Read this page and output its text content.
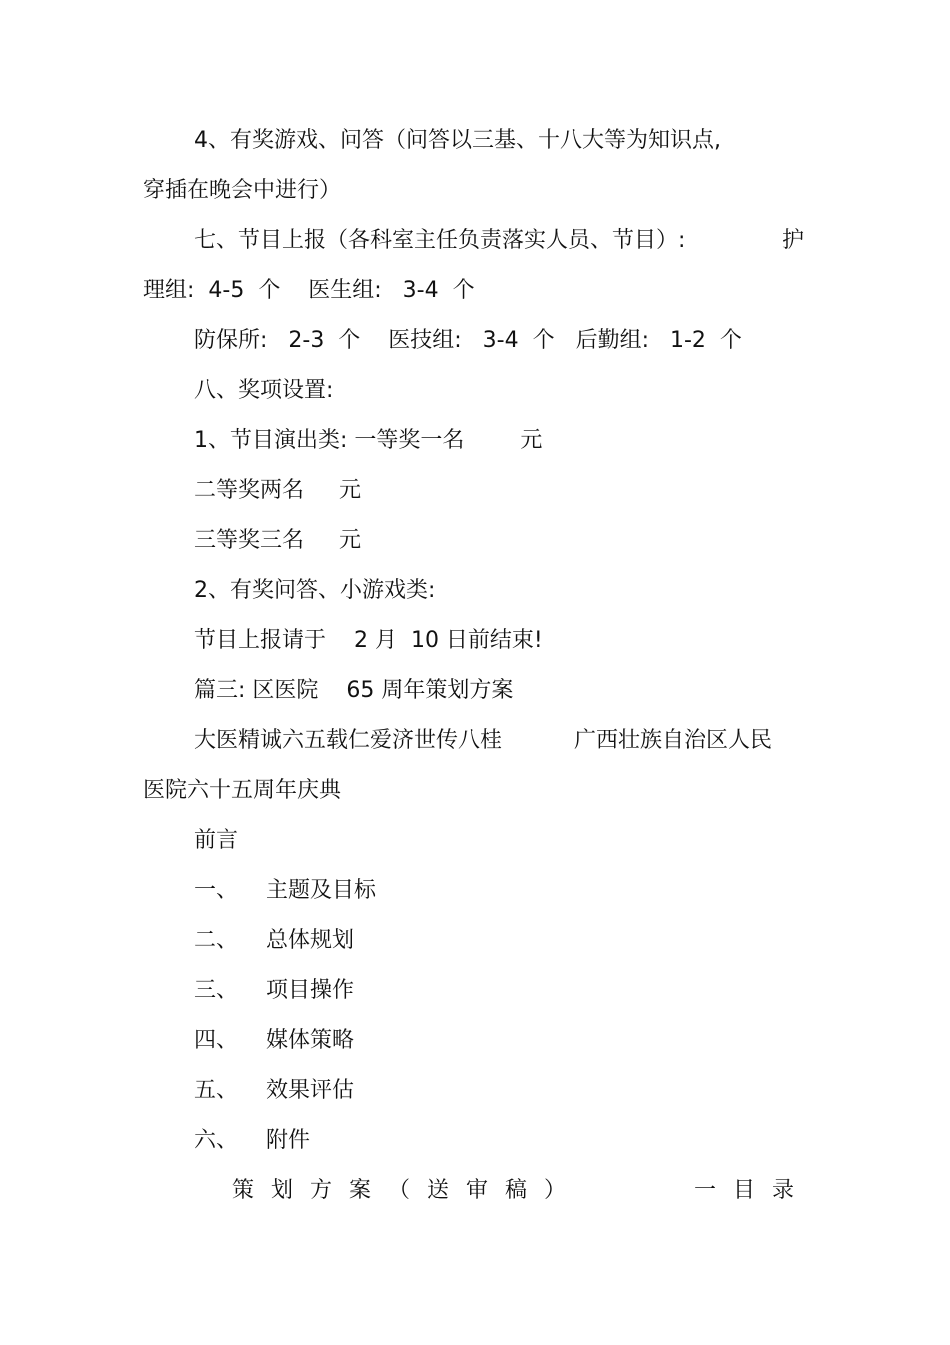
4、有奖游戏、问答（问答以三基、十八大等为知识点,
穿插在晚会中进行）
七、节目上报（各科室主任负责落实人员、节目）:	护
理组:  4-5  个    医生组:   3-4  个
防保所:   2-3  个    医技组:   3-4  个   后勤组:   1-2  个
八、奖项设置:
1、节目演出类: 一等奖一名        元
二等奖两名     元
三等奖三名     元
2、有奖问答、小游戏类:
节目上报请于    2 月  10 日前结束!
篇三: 区医院    65 周年策划方案
大医精诚六五载仁爱济世传八桂	广西壮族自治区人民
医院六十五周年庆典
前言
一、    主题及目标
二、    总体规划
三、    项目操作
四、    媒体策略
五、    效果评估
六、    附件
策划方案（送审稿）	一目录
